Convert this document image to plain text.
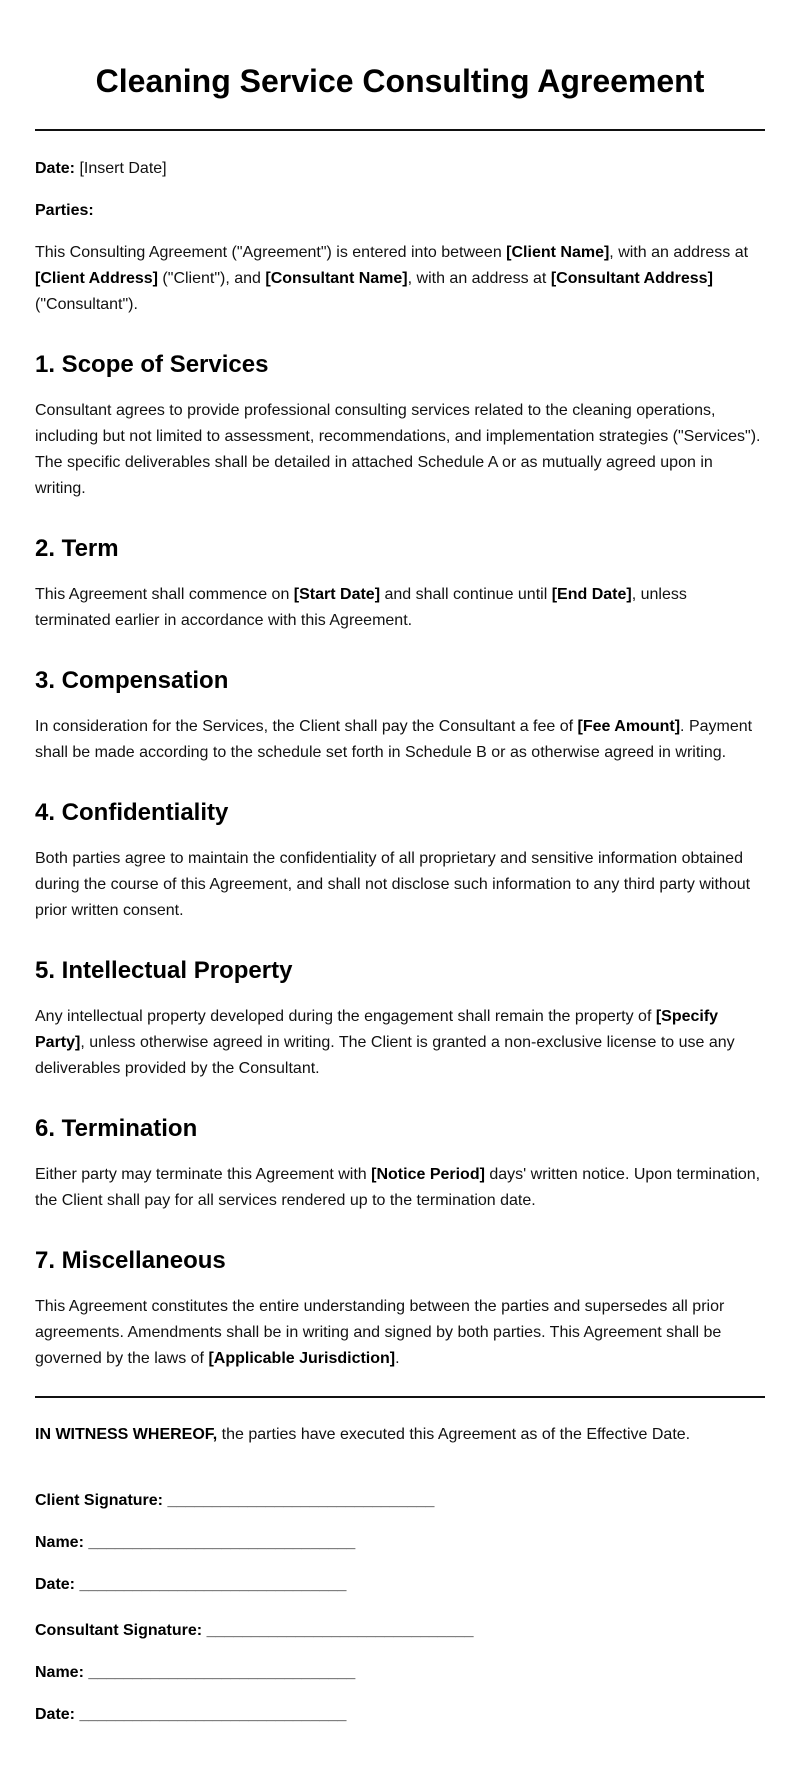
Cleaning Service Consulting Agreement

Date: [Insert Date]

Parties:

This Consulting Agreement ("Agreement") is entered into between [Client Name], with an address at [Client Address] ("Client"), and [Consultant Name], with an address at [Consultant Address] ("Consultant").

1. Scope of Services

Consultant agrees to provide professional consulting services related to the cleaning operations, including but not limited to assessment, recommendations, and implementation strategies ("Services"). The specific deliverables shall be detailed in attached Schedule A or as mutually agreed upon in writing.

2. Term

This Agreement shall commence on [Start Date] and shall continue until [End Date], unless terminated earlier in accordance with this Agreement.

3. Compensation

In consideration for the Services, the Client shall pay the Consultant a fee of [Fee Amount]. Payment shall be made according to the schedule set forth in Schedule B or as otherwise agreed in writing.

4. Confidentiality

Both parties agree to maintain the confidentiality of all proprietary and sensitive information obtained during the course of this Agreement, and shall not disclose such information to any third party without prior written consent.

5. Intellectual Property

Any intellectual property developed during the engagement shall remain the property of [Specify Party], unless otherwise agreed in writing. The Client is granted a non-exclusive license to use any deliverables provided by the Consultant.

6. Termination

Either party may terminate this Agreement with [Notice Period] days' written notice. Upon termination, the Client shall pay for all services rendered up to the termination date.

7. Miscellaneous

This Agreement constitutes the entire understanding between the parties and supersedes all prior agreements. Amendments shall be in writing and signed by both parties. This Agreement shall be governed by the laws of [Applicable Jurisdiction].

IN WITNESS WHEREOF, the parties have executed this Agreement as of the Effective Date.

Client Signature: ______________________________

Name: ______________________________

Date: ______________________________

Consultant Signature: ______________________________

Name: ______________________________

Date: ______________________________
